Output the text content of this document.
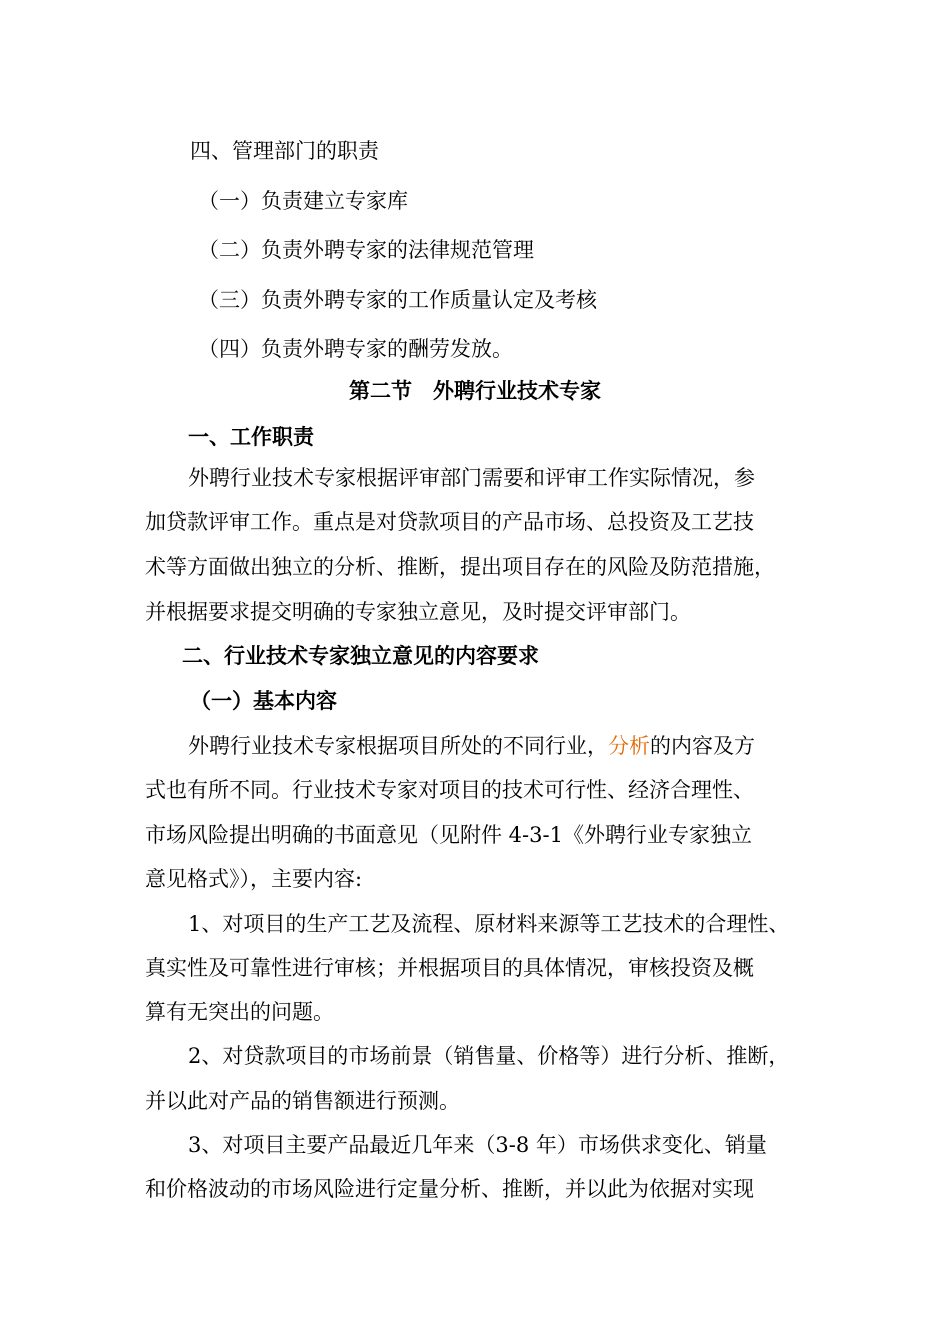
四、管理部门的职责
（一）负责建立专家库
（二）负责外聘专家的法律规范管理
（三）负责外聘专家的工作质量认定及考核
（四）负责外聘专家的酬劳发放。
第二节　外聘行业技术专家
一、工作职责
外聘行业技术专家根据评审部门需要和评审工作实际情况，参
加贷款评审工作。重点是对贷款项目的产品市场、总投资及工艺技
术等方面做出独立的分析、推断，提出项目存在的风险及防范措施，
并根据要求提交明确的专家独立意见，及时提交评审部门。
二、行业技术专家独立意见的内容要求
（一）基本内容
外聘行业技术专家根据项目所处的不同行业，分析的内容及方
式也有所不同。行业技术专家对项目的技术可行性、经济合理性、
市场风险提出明确的书面意见（见附件 4-3-1《外聘行业专家独立
意见格式》），主要内容:
1、对项目的生产工艺及流程、原材料来源等工艺技术的合理性、
真实性及可靠性进行审核；并根据项目的具体情况，审核投资及概
算有无突出的问题。
2、对贷款项目的市场前景（销售量、价格等）进行分析、推断，
并以此对产品的销售额进行预测。
3、对项目主要产品最近几年来（3-8 年）市场供求变化、销量
和价格波动的市场风险进行定量分析、推断，并以此为依据对实现
